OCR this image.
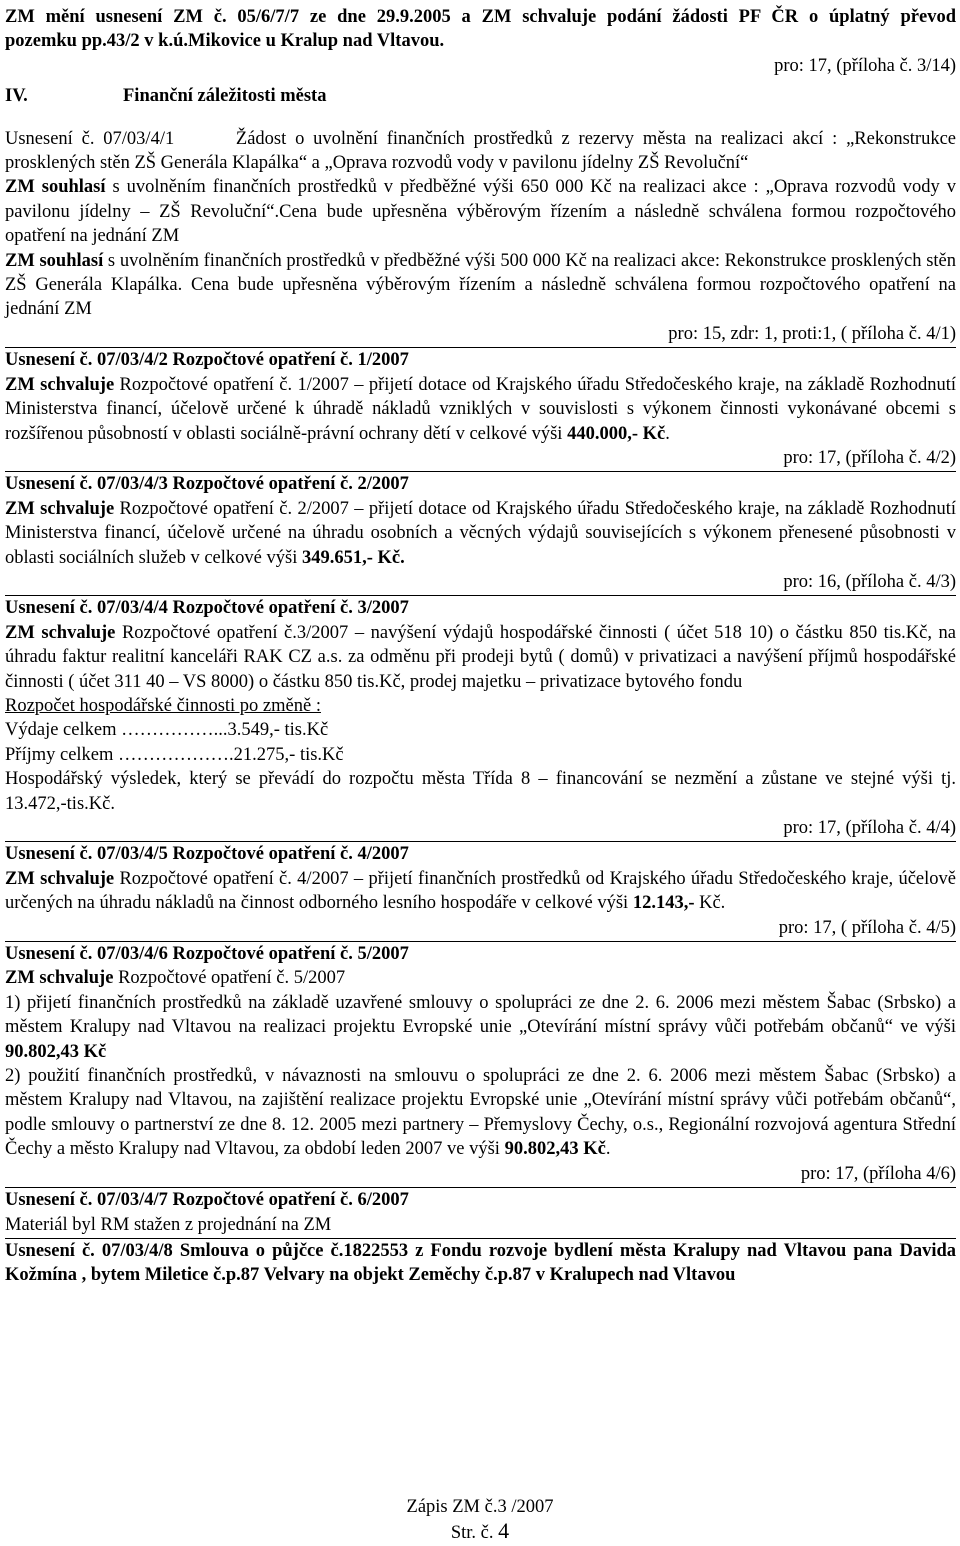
ZM mění usnesení ZM č. 05/6/7/7 ze dne 29.9.2005 a ZM schvaluje podání žádosti PF ČR o úplatný převod

pozemku pp.43/2 v k.ú.Mikovice u Kralup nad Vltavou.

pro: 17, (příloha č. 3/14)

IV.	Finanční záležitosti města

Usnesení č. 07/03/4/1	Žádost o uvolnění finančních prostředků z rezervy města na realizaci akcí : „Rekonstrukce prosklených stěn ZŠ Generála Klapálka“ a „Oprava rozvodů vody v pavilonu jídelny ZŠ Revoluční“

ZM souhlasí s uvolněním finančních prostředků v předběžné výši 650 000 Kč na realizaci akce : „Oprava rozvodů vody v pavilonu jídelny – ZŠ Revoluční“.Cena bude upřesněna výběrovým řízením a následně schválena formou rozpočtového opatření na jednání ZM

ZM souhlasí s uvolněním finančních prostředků v předběžné výši 500 000 Kč na realizaci akce: Rekonstrukce prosklených stěn ZŠ Generála Klapálka. Cena bude upřesněna výběrovým řízením a následně schválena formou rozpočtového opatření na jednání ZM

pro: 15, zdr: 1, proti:1, ( příloha č. 4/1)

Usnesení č. 07/03/4/2 Rozpočtové opatření č. 1/2007

ZM schvaluje Rozpočtové opatření č. 1/2007 – přijetí dotace od Krajského úřadu Středočeského kraje, na základě Rozhodnutí Ministerstva financí, účelově určené k úhradě nákladů vzniklých v souvislosti s výkonem činnosti vykonávané obcemi s rozšířenou působností v oblasti sociálně-právní ochrany dětí v celkové výši 440.000,- Kč.

pro: 17, (příloha č. 4/2)

Usnesení č. 07/03/4/3 Rozpočtové opatření č. 2/2007

ZM schvaluje Rozpočtové opatření č. 2/2007 – přijetí dotace od Krajského úřadu Středočeského kraje, na základě Rozhodnutí Ministerstva financí, účelově určené na úhradu osobních a věcných výdajů souvisejících s výkonem přenesené působnosti v oblasti sociálních služeb v celkové výši 349.651,- Kč.

pro: 16, (příloha č. 4/3)

Usnesení č. 07/03/4/4 Rozpočtové opatření č. 3/2007

ZM schvaluje Rozpočtové opatření č.3/2007 – navýšení výdajů hospodářské činnosti ( účet 518 10) o částku 850 tis.Kč, na úhradu faktur realitní kanceláři RAK CZ a.s. za odměnu při prodeji bytů ( domů) v privatizaci a navýšení příjmů hospodářské činnosti ( účet 311 40 – VS 8000) o částku 850 tis.Kč, prodej majetku – privatizace bytového fondu

Rozpočet hospodářské činnosti po změně :

Výdaje celkem ……………...3.549,- tis.Kč

Příjmy celkem ……………….21.275,- tis.Kč

Hospodářský výsledek, který se převádí do rozpočtu města Třída 8 – financování se nezmění a zůstane ve stejné výši tj. 13.472,-tis.Kč.

pro: 17, (příloha č. 4/4)

Usnesení č. 07/03/4/5 Rozpočtové opatření č. 4/2007

ZM schvaluje Rozpočtové opatření č. 4/2007 – přijetí finančních prostředků od Krajského úřadu Středočeského kraje, účelově určených na úhradu nákladů na činnost odborného lesního hospodáře v celkové výši 12.143,- Kč.

pro: 17, ( příloha č. 4/5)

Usnesení č. 07/03/4/6 Rozpočtové opatření č. 5/2007

ZM schvaluje Rozpočtové opatření č. 5/2007

1) přijetí finančních prostředků na základě uzavřené smlouvy o spolupráci ze dne 2. 6. 2006 mezi městem Šabac (Srbsko) a městem Kralupy nad Vltavou na realizaci projektu Evropské unie „Otevírání místní správy vůči potřebám občanů“ ve výši 90.802,43 Kč

2) použití finančních prostředků, v návaznosti na smlouvu o spolupráci ze dne 2. 6. 2006 mezi městem Šabac (Srbsko) a městem Kralupy nad Vltavou, na zajištění realizace projektu Evropské unie „Otevírání místní správy vůči potřebám občanů“, podle smlouvy o partnerství ze dne 8. 12. 2005 mezi partnery – Přemyslovy Čechy, o.s., Regionální rozvojová agentura Střední Čechy a město Kralupy nad Vltavou, za období leden 2007 ve výši 90.802,43 Kč.

pro: 17, (příloha 4/6)

Usnesení č. 07/03/4/7 Rozpočtové opatření č. 6/2007

Materiál byl RM stažen z projednání na ZM

Usnesení č. 07/03/4/8 Smlouva o půjčce č.1822553 z Fondu rozvoje bydlení města Kralupy nad Vltavou pana Davida Kožmína , bytem Miletice č.p.87 Velvary na objekt Zeměchy č.p.87 v Kralupech nad Vltavou

Zápis ZM č.3 /2007
Str. č. 4
